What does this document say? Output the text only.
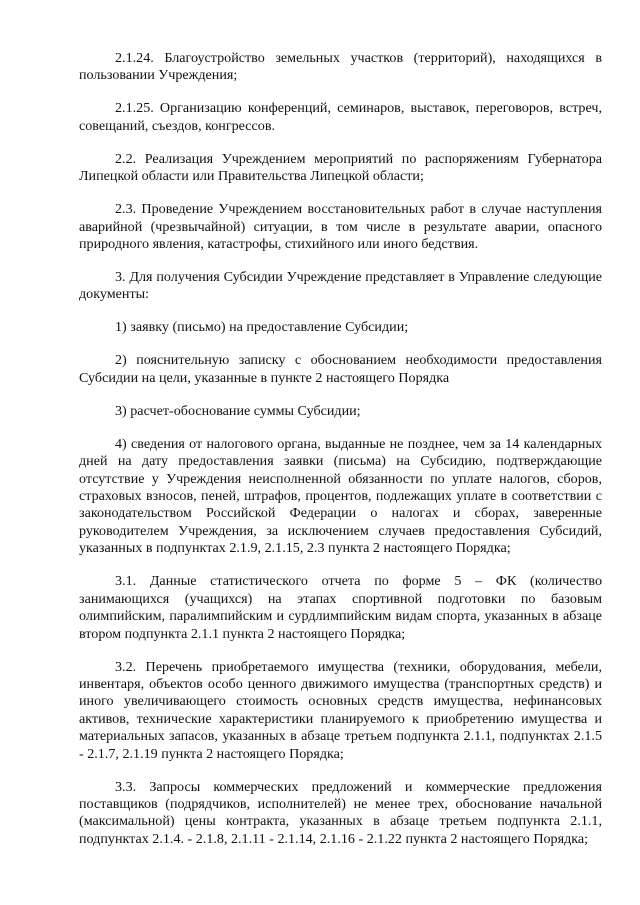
2.1.24. Благоустройство земельных участков (территорий), находящихся в пользовании Учреждения;

2.1.25. Организацию конференций, семинаров, выставок, переговоров, встреч, совещаний, съездов, конгрессов.

2.2. Реализация Учреждением мероприятий по распоряжениям Губернатора Липецкой области или Правительства Липецкой области;

2.3. Проведение Учреждением восстановительных работ в случае наступления аварийной (чрезвычайной) ситуации, в том числе в результате аварии, опасного природного явления, катастрофы, стихийного или иного бедствия.

3. Для получения Субсидии Учреждение представляет в Управление следующие документы:

1) заявку (письмо) на предоставление Субсидии;

2) пояснительную записку с обоснованием необходимости предоставления Субсидии на цели, указанные в пункте 2 настоящего Порядка

3) расчет-обоснование суммы Субсидии;

4) сведения от налогового органа, выданные не позднее, чем за 14 календарных дней на дату предоставления заявки (письма) на Субсидию, подтверждающие отсутствие у Учреждения неисполненной обязанности по уплате налогов, сборов, страховых взносов, пеней, штрафов, процентов, подлежащих уплате в соответствии с законодательством Российской Федерации о налогах и сборах, заверенные руководителем Учреждения, за исключением случаев предоставления Субсидий, указанных в подпунктах 2.1.9, 2.1.15, 2.3 пункта 2 настоящего Порядка;

3.1. Данные статистического отчета по форме 5 – ФК (количество занимающихся (учащихся) на этапах спортивной подготовки по базовым олимпийским, паралимпийским и сурдлимпийским видам спорта, указанных в абзаце втором подпункта 2.1.1 пункта 2 настоящего Порядка;

3.2. Перечень приобретаемого имущества (техники, оборудования, мебели, инвентаря, объектов особо ценного движимого имущества (транспортных средств) и иного увеличивающего стоимость основных средств имущества, нефинансовых активов, технические характеристики планируемого к приобретению имущества и материальных запасов, указанных в абзаце третьем подпункта 2.1.1, подпунктах 2.1.5 - 2.1.7, 2.1.19 пункта 2 настоящего Порядка;

3.3. Запросы коммерческих предложений и коммерческие предложения поставщиков (подрядчиков, исполнителей) не менее трех, обоснование начальной (максимальной) цены контракта, указанных в абзаце третьем подпункта 2.1.1, подпунктах 2.1.4. - 2.1.8, 2.1.11 - 2.1.14, 2.1.16 - 2.1.22 пункта 2 настоящего Порядка;
